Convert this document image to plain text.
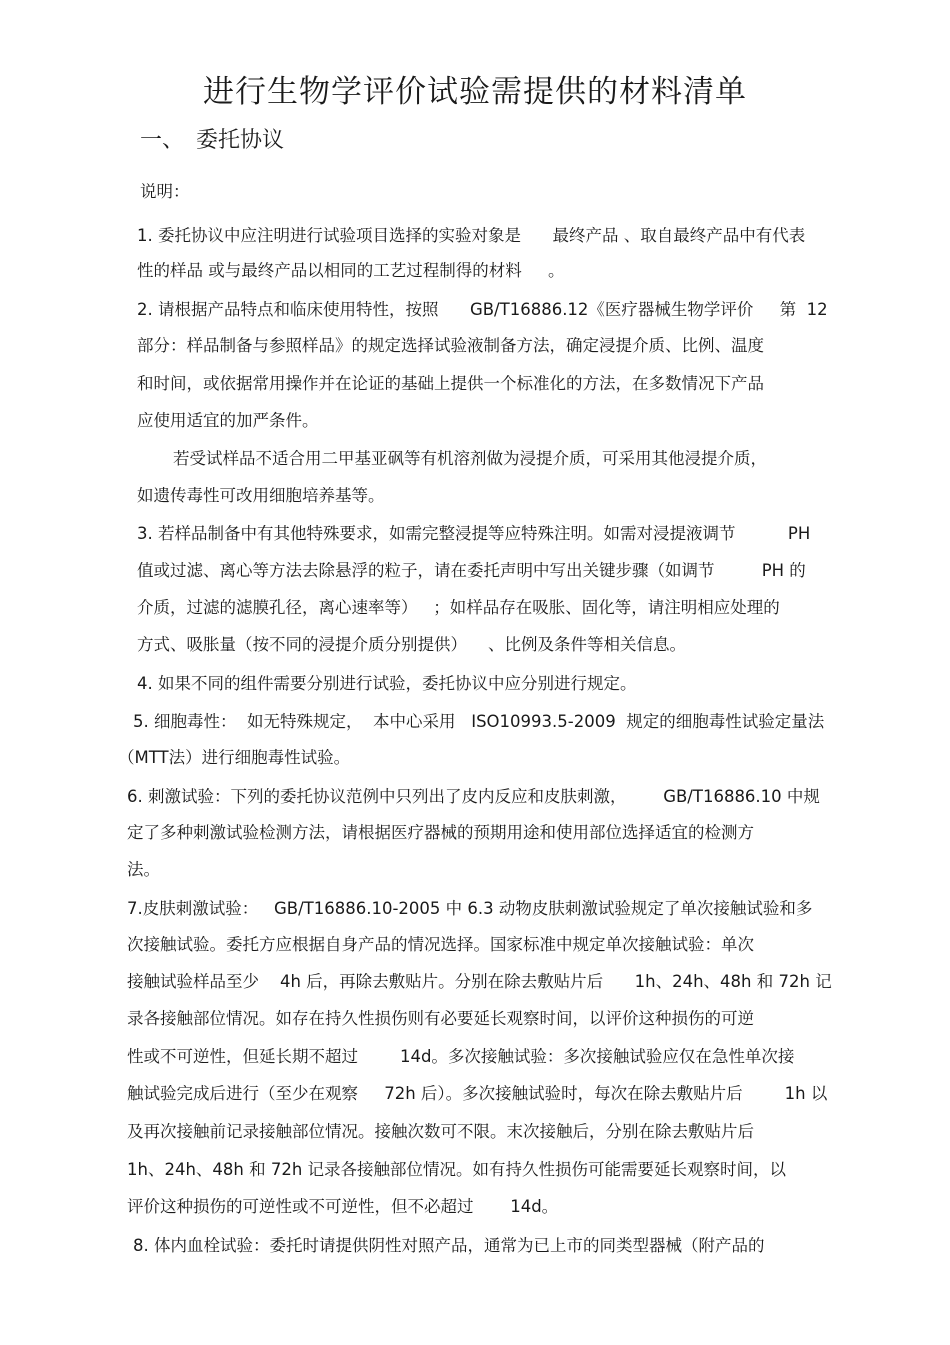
进行生物学评价试验需提供的材料清单
一、 委托协议
说明：
1. 委托协议中应注明进行试验项目选择的实验对象是      最终产品 、取自最终产品中有代表
性的样品 或与最终产品以相同的工艺过程制得的材料     。
2. 请根据产品特点和临床使用特性，按照      GB/T16886.12《医疗器械生物学评价     第  12
部分：样品制备与参照样品》的规定选择试验液制备方法，确定浸提介质、比例、温度
和时间，或依据常用操作并在论证的基础上提供一个标准化的方法，在多数情况下产品
应使用适宜的加严条件。
若受试样品不适合用二甲基亚砜等有机溶剂做为浸提介质，可采用其他浸提介质，
如遗传毒性可改用细胞培养基等。
3. 若样品制备中有其他特殊要求，如需完整浸提等应特殊注明。如需对浸提液调节          PH
值或过滤、离心等方法去除悬浮的粒子，请在委托声明中写出关键步骤（如调节         PH 的
介质，过滤的滤膜孔径，离心速率等）   ；如样品存在吸胀、固化等，请注明相应处理的
方式、吸胀量（按不同的浸提介质分别提供）    、比例及条件等相关信息。
4. 如果不同的组件需要分别进行试验，委托协议中应分别进行规定。
5. 细胞毒性：  如无特殊规定，  本中心采用   ISO10993.5-2009  规定的细胞毒性试验定量法
（MTT法）进行细胞毒性试验。
6. 刺激试验：下列的委托协议范例中只列出了皮内反应和皮肤刺激，       GB/T16886.10 中规
定了多种刺激试验检测方法，请根据医疗器械的预期用途和使用部位选择适宜的检测方
法。
7.皮肤刺激试验：   GB/T16886.10-2005 中 6.3 动物皮肤刺激试验规定了单次接触试验和多
次接触试验。委托方应根据自身产品的情况选择。国家标准中规定单次接触试验：单次
接触试验样品至少    4h 后，再除去敷贴片。分别在除去敷贴片后      1h、24h、48h 和 72h 记
录各接触部位情况。如存在持久性损伤则有必要延长观察时间，以评价这种损伤的可逆
性或不可逆性，但延长期不超过        14d。多次接触试验：多次接触试验应仅在急性单次接
触试验完成后进行（至少在观察     72h 后）。多次接触试验时，每次在除去敷贴片后        1h 以
及再次接触前记录接触部位情况。接触次数可不限。末次接触后，分别在除去敷贴片后
1h、24h、48h 和 72h 记录各接触部位情况。如有持久性损伤可能需要延长观察时间，以
评价这种损伤的可逆性或不可逆性，但不必超过       14d。
8. 体内血栓试验：委托时请提供阴性对照产品，通常为已上市的同类型器械（附产品的
